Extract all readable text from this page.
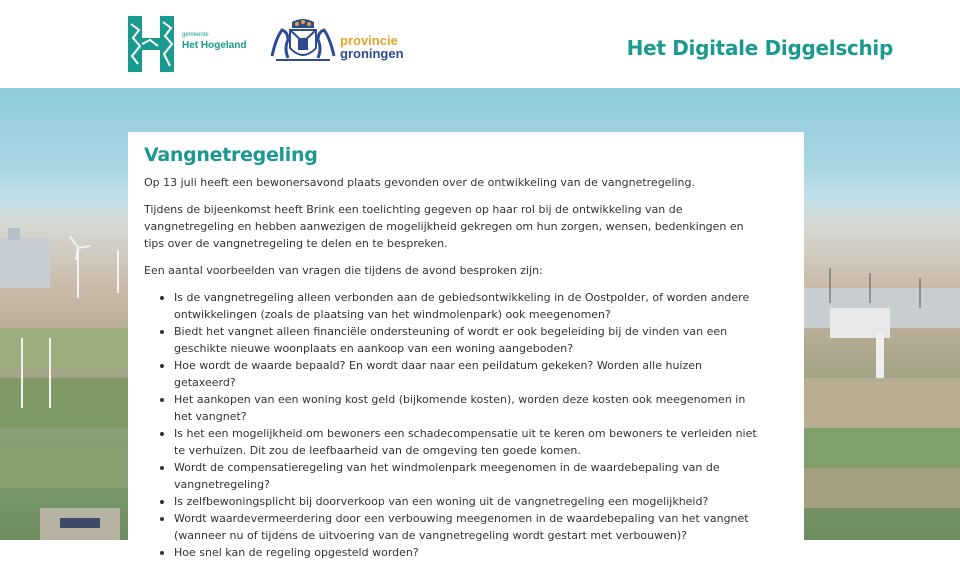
gemeente
Het Hogeland	provincie
groningen	Het Digitale Diggelschip
Vangnetregeling

Op 13 juli heeft een bewonersavond plaats gevonden over de ontwikkeling van de vangnetregeling.

Tijdens de bijeenkomst heeft Brink een toelichting gegeven op haar rol bij de ontwikkeling van de vangnetregeling en hebben aanwezigen de mogelijkheid gekregen om hun zorgen, wensen, bedenkingen en tips over de vangnetregeling te delen en te bespreken.

Een aantal voorbeelden van vragen die tijdens de avond besproken zijn:

Is de vangnetregeling alleen verbonden aan de gebiedsontwikkeling in de Oostpolder, of worden andere ontwikkelingen (zoals de plaatsing van het windmolenpark) ook meegenomen?
Biedt het vangnet alleen financiële ondersteuning of wordt er ook begeleiding bij de vinden van een geschikte nieuwe woonplaats en aankoop van een woning aangeboden?
Hoe wordt de waarde bepaald? En wordt daar naar een peildatum gekeken? Worden alle huizen getaxeerd?
Het aankopen van een woning kost geld (bijkomende kosten), worden deze kosten ook meegenomen in het vangnet?
Is het een mogelijkheid om bewoners een schadecompensatie uit te keren om bewoners te verleiden niet te verhuizen. Dit zou de leefbaarheid van de omgeving ten goede komen.
Wordt de compensatieregeling van het windmolenpark meegenomen in de waardebepaling van de vangnetregeling?
Is zelfbewoningsplicht bij doorverkoop van een woning uit de vangnetregeling een mogelijkheid?
Wordt waardevermeerdering door een verbouwing meegenomen in de waardebepaling van het vangnet (wanneer nu of tijdens de uitvoering van de vangnetregeling wordt gestart met verbouwen)?
Hoe snel kan de regeling opgesteld worden?
